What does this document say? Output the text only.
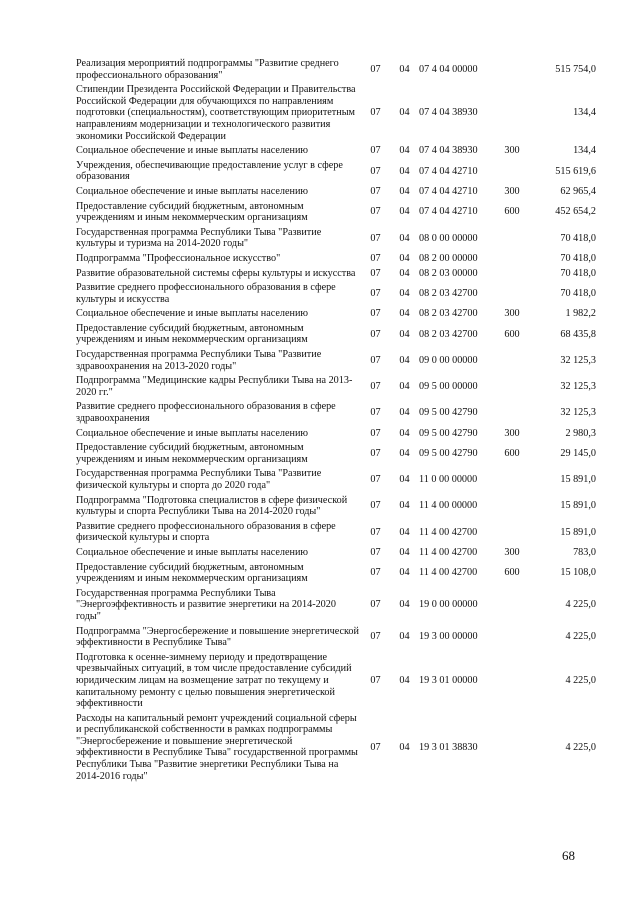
Реализация мероприятий подпрограммы "Развитие среднего профессионального образования"	07	04	07 4 04 00000		515 754,0
Стипендии Президента Российской Федерации и Правительства Российской Федерации для обучающихся по направлениям подготовки (специальностям), соответствующим приоритетным направлениям модернизации и технологического развития экономики Российской Федерации	07	04	07 4 04 38930		134,4
Социальное обеспечение и иные выплаты населению	07	04	07 4 04 38930	300	134,4
Учреждения, обеспечивающие предоставление услуг в сфере образования	07	04	07 4 04 42710		515 619,6
Социальное обеспечение и иные выплаты населению	07	04	07 4 04 42710	300	62 965,4
Предоставление субсидий бюджетным, автономным учреждениям и иным некоммерческим организациям	07	04	07 4 04 42710	600	452 654,2
Государственная программа Республики Тыва "Развитие культуры и туризма на 2014-2020 годы"	07	04	08 0 00 00000		70 418,0
Подпрограмма "Профессиональное искусство"	07	04	08 2 00 00000		70 418,0
Развитие образовательной системы сферы культуры и искусства	07	04	08 2 03 00000		70 418,0
Развитие среднего профессионального образования в сфере культуры и искусства	07	04	08 2 03 42700		70 418,0
Социальное обеспечение и иные выплаты населению	07	04	08 2 03 42700	300	1 982,2
Предоставление субсидий бюджетным, автономным учреждениям и иным некоммерческим организациям	07	04	08 2 03 42700	600	68 435,8
Государственная программа Республики Тыва "Развитие здравоохранения на 2013-2020 годы"	07	04	09 0 00 00000		32 125,3
Подпрограмма "Медицинские кадры Республики Тыва на 2013-2020 гг."	07	04	09 5 00 00000		32 125,3
Развитие среднего профессионального образования в сфере здравоохранения	07	04	09 5 00 42790		32 125,3
Социальное обеспечение и иные выплаты населению	07	04	09 5 00 42790	300	2 980,3
Предоставление субсидий бюджетным, автономным учреждениям и иным некоммерческим организациям	07	04	09 5 00 42790	600	29 145,0
Государственная программа Республики Тыва "Развитие физической культуры и спорта до 2020 года"	07	04	11 0 00 00000		15 891,0
Подпрограмма "Подготовка специалистов в сфере физической культуры и спорта Республики Тыва на 2014-2020 годы"	07	04	11 4 00 00000		15 891,0
Развитие среднего профессионального образования в сфере физической культуры и спорта	07	04	11 4 00 42700		15 891,0
Социальное обеспечение и иные выплаты населению	07	04	11 4 00 42700	300	783,0
Предоставление субсидий бюджетным, автономным учреждениям и иным некоммерческим организациям	07	04	11 4 00 42700	600	15 108,0
Государственная программа Республики Тыва "Энергоэффективность и развитие энергетики на 2014-2020 годы"	07	04	19 0 00 00000		4 225,0
Подпрограмма "Энергосбережение и повышение энергетической эффективности в Республике Тыва"	07	04	19 3 00 00000		4 225,0
Подготовка к осенне-зимнему периоду и предотвращение чрезвычайных ситуаций, в том числе предоставление субсидий юридическим лицам на возмещение затрат по текущему и капитальному ремонту с целью повышения энергетической эффективности	07	04	19 3 01 00000		4 225,0
Расходы на капитальный ремонт учреждений социальной сферы и республиканской собственности в рамках подпрограммы "Энергосбережение и повышение энергетической эффективности в Республике Тыва" государственной программы Республики Тыва "Развитие энергетики Республики Тыва на 2014-2016 годы"	07	04	19 3 01 38830		4 225,0
68
